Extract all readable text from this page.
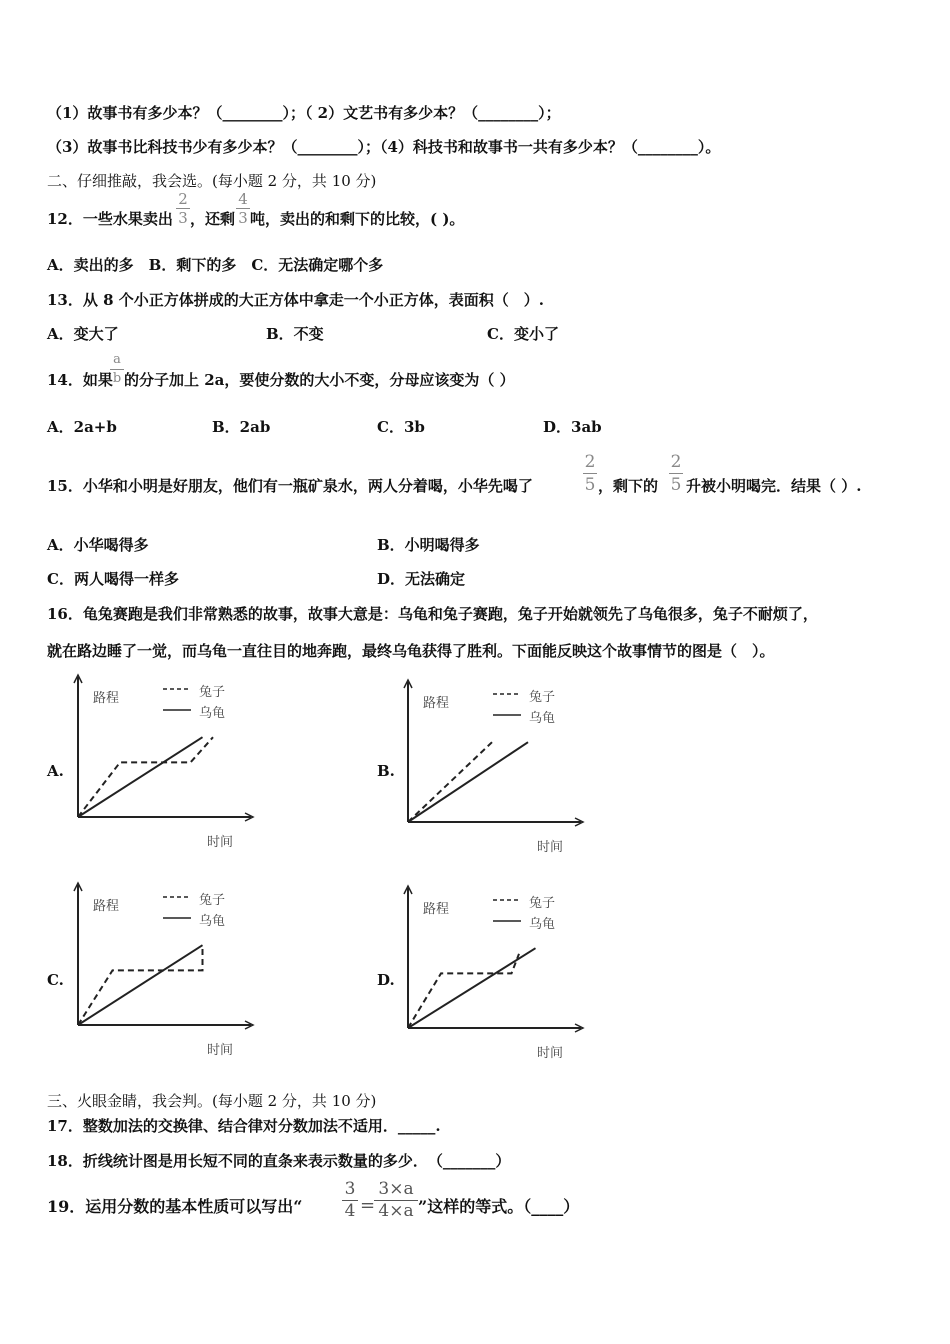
（1）故事书有多少本？（________）；（ 2）文艺书有多少本？（________）；
（3）故事书比科技书少有多少本？（________）；（4）科技书和故事书一共有多少本？（________）。
二、仔细推敲，我会选。(每小题 2 分，共 10 分)
12．一些水果卖出
2
3 ，还剩
4
3 吨，卖出的和剩下的比较，( )。
A．卖出的多　B．剩下的多　C．无法确定哪个多
13．从 8 个小正方体拼成的大正方体中拿走一个小正方体，表面积（　）.
A．变大了	B．不变	C．变小了
14．如果
a
b 的分子加上 2a，要使分数的大小不变，分母应该变为（ ）
A．2a+b	B．2ab	C．3b	D．3ab
15．小华和小明是好朋友，他们有一瓶矿泉水，两人分着喝，小华先喝了
2
5 ，剩下的
2
5 升被小明喝完．结果（ ）.
A．小华喝得多	B．小明喝得多
C．两人喝得一样多	D．无法确定
16．龟兔赛跑是我们非常熟悉的故事，故事大意是：乌龟和兔子赛跑，兔子开始就领先了乌龟很多，兔子不耐烦了，
就在路边睡了一觉，而乌龟一直往目的地奔跑，最终乌龟获得了胜利。下面能反映这个故事情节的图是（　）。
三、火眼金睛，我会判。(每小题 2 分，共 10 分)
17．整数加法的交换律、结合律对分数加法不适用．_____.
18．折线统计图是用长短不同的直条来表示数量的多少．　（_______）
19．运用分数的基本性质可以写出“
3
4 =
3×a
4×a ”这样的等式。（____）
A.
路程	兔子
乌龟
时间
B.
路程	兔子
乌龟
时间
C.
路程	兔子
乌龟
时间
D.
路程	兔子
乌龟
时间
